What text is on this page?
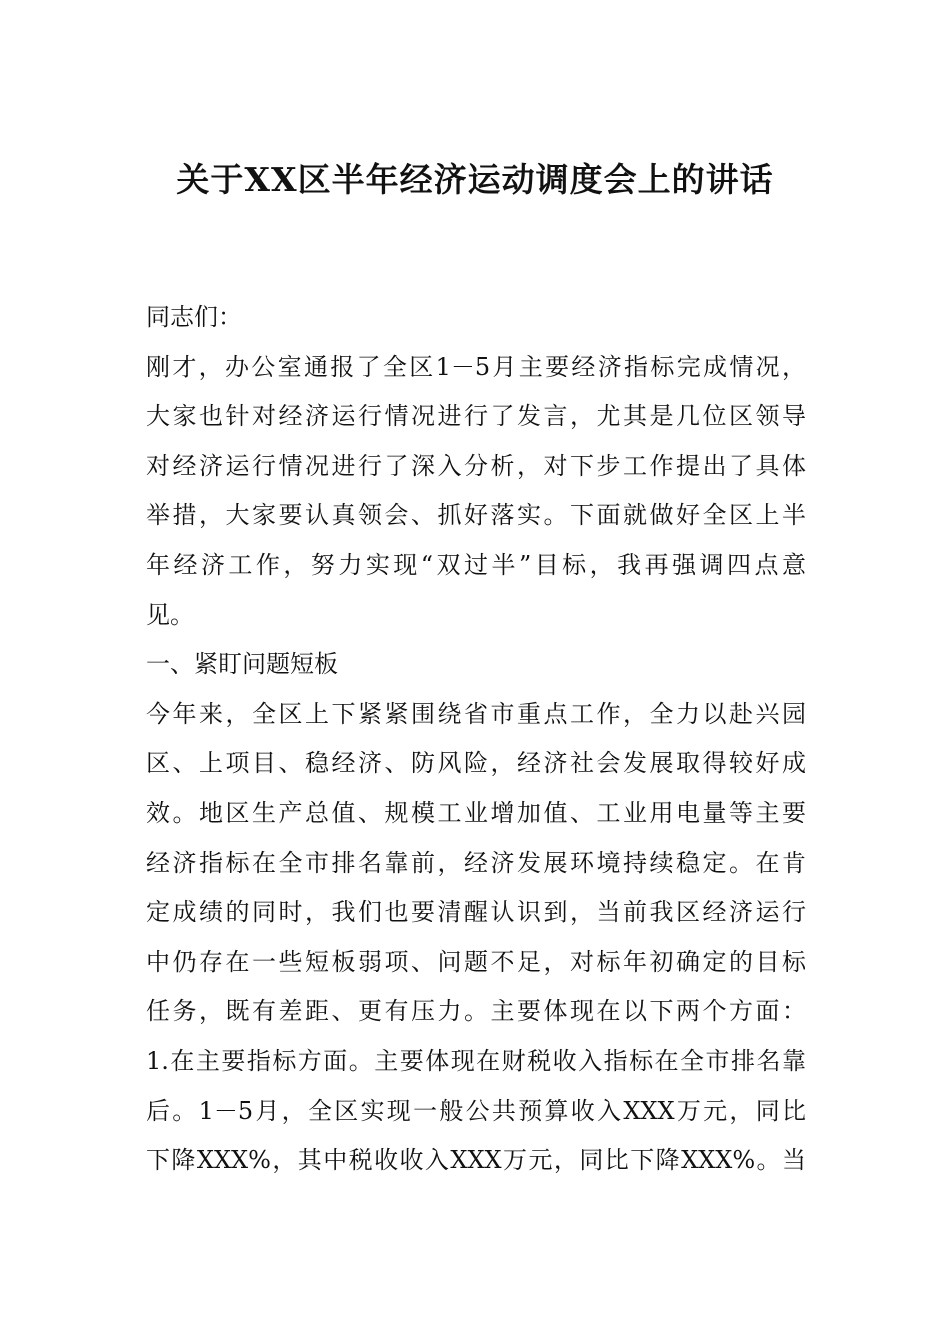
关于XX区半年经济运动调度会上的讲话
同志们：
刚才，办公室通报了全区1－5月主要经济指标完成情况，
大家也针对经济运行情况进行了发言，尤其是几位区领导
对经济运行情况进行了深入分析，对下步工作提出了具体
举措，大家要认真领会、抓好落实。下面就做好全区上半
年经济工作，努力实现“双过半”目标，我再强调四点意
见。
一、紧盯问题短板
今年来，全区上下紧紧围绕省市重点工作，全力以赴兴园
区、上项目、稳经济、防风险，经济社会发展取得较好成
效。地区生产总值、规模工业增加值、工业用电量等主要
经济指标在全市排名靠前，经济发展环境持续稳定。在肯
定成绩的同时，我们也要清醒认识到，当前我区经济运行
中仍存在一些短板弱项、问题不足，对标年初确定的目标
任务，既有差距、更有压力。主要体现在以下两个方面：
1.在主要指标方面。主要体现在财税收入指标在全市排名靠
后。1－5月，全区实现一般公共预算收入XXX万元，同比
下降XXX%，其中税收收入XXX万元，同比下降XXX%。当
